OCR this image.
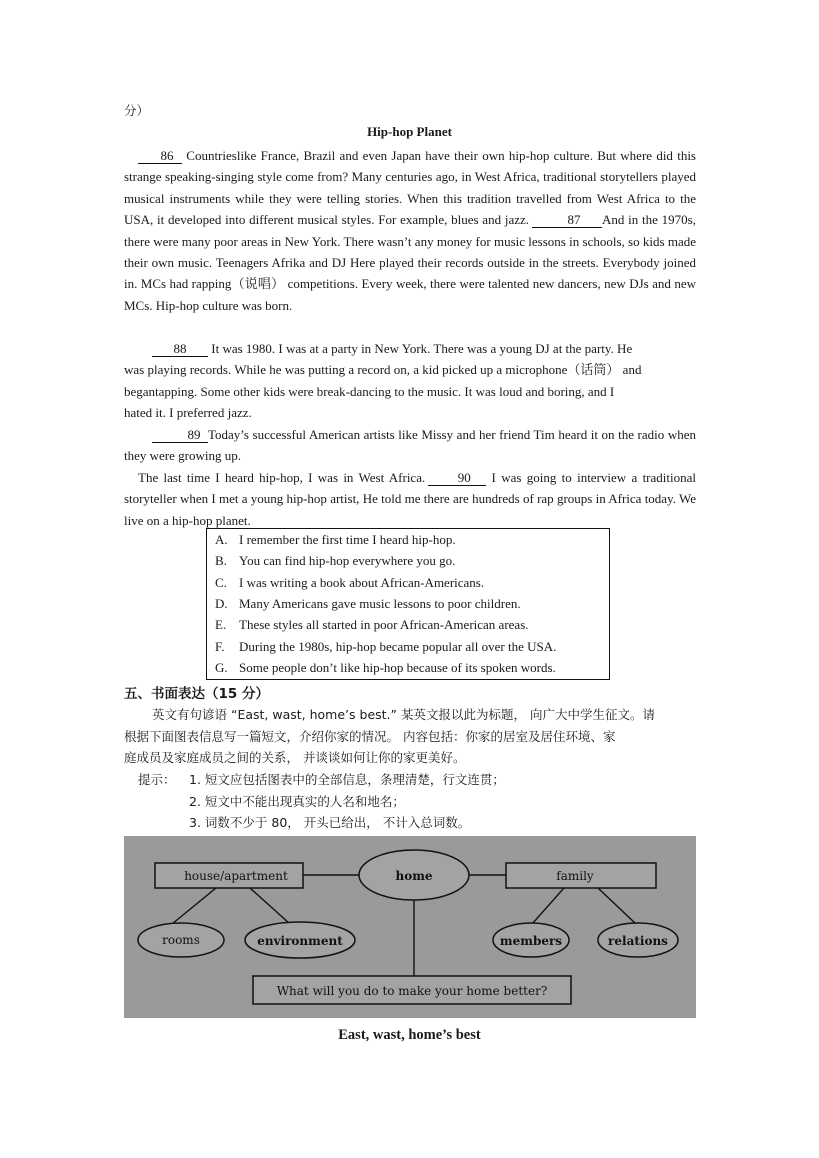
分）
Hip-hop Planet
86 Countrieslike France, Brazil and even Japan have their own hip-hop culture. But where did this strange speaking-singing style come from? Many centuries ago, in West Africa, traditional storytellers played musical instruments while they were telling stories. When this tradition travelled from West Africa to the USA, it developed into different musical styles. For example, blues and jazz.	87 And in the 1970s, there were many poor areas in New York. There wasn’t any money for music lessons in schools, so kids made their own music. Teenagers Afrika and DJ Here played their records outside in the streets. Everybody joined in. MCs had rapping（说唱） competitions. Every week, there were talented new dancers, new DJs and new MCs. Hip-hop culture was born.
88 It was 1980. I was at a party in New York. There was a young DJ at the party. He
was playing records. While he was putting a record on, a kid picked up a microphone（话筒） and
begantapping. Some other kids were break-dancing to the music. It was loud and boring, and I
hated it. I preferred jazz.
89 Today’s successful American artists like Missy and her friend Tim heard it on the radio when they were growing up.
The last time I heard hip-hop, I was in West Africa.	90 I was going to interview a traditional storyteller when I met a young hip-hop artist, He told me there are hundreds of rap groups in Africa today. We live on a hip-hop planet.
A. I remember the first time I heard hip-hop.
B. You can find hip-hop everywhere you go.
C. I was writing a book about African-Americans.
D. Many Americans gave music lessons to poor children.
E. These styles all started in poor African-American areas.
F. During the 1980s, hip-hop became popular all over the USA.
G. Some people don’t like hip-hop because of its spoken words.
五、书面表达（15 分）
英文有句谚语 “East, wast, home’s best.” 某英文报以此为标题， 向广大中学生征文。请
根据下面图表信息写一篇短文，介绍你家的情况。 内容包括：你家的居室及居住环境、家
庭成员及家庭成员之间的关系， 并谈谈如何让你的家更美好。
提示： 1. 短文应包括图表中的全部信息，条理清楚，行文连贯；
2. 短文中不能出现真实的人名和地名；
3. 词数不少于 80， 开头已给出， 不计入总词数。
house/apartment	home	family
rooms	environment	members	relations
What will you do to make your home better?
East, wast, home’s best
